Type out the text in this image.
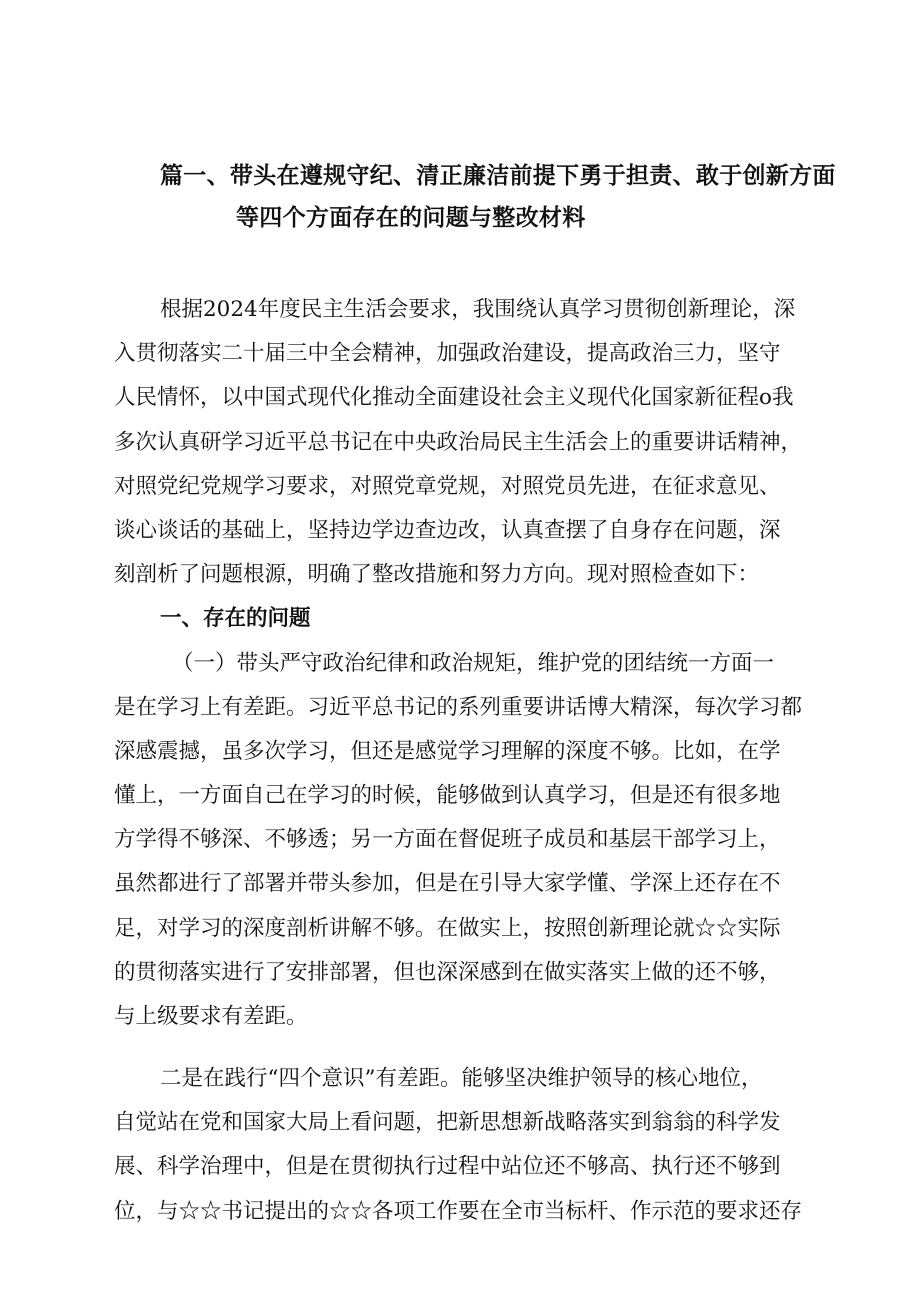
篇一、带头在遵规守纪、清正廉洁前提下勇于担责、敢于创新方面
等四个方面存在的问题与整改材料
根据2024年度民主生活会要求，我围绕认真学习贯彻创新理论，深
入贯彻落实二十届三中全会精神，加强政治建设，提高政治三力，坚守
人民情怀，以中国式现代化推动全面建设社会主义现代化国家新征程o我
多次认真研学习近平总书记在中央政治局民主生活会上的重要讲话精神，
对照党纪党规学习要求，对照党章党规，对照党员先进，在征求意见、
谈心谈话的基础上，坚持边学边查边改，认真查摆了自身存在问题，深
刻剖析了问题根源，明确了整改措施和努力方向。现对照检查如下：
一、存在的问题
（一）带头严守政治纪律和政治规矩，维护党的团结统一方面一
是在学习上有差距。习近平总书记的系列重要讲话博大精深，每次学习都
深感震撼，虽多次学习，但还是感觉学习理解的深度不够。比如，在学
懂上，一方面自己在学习的时候，能够做到认真学习，但是还有很多地
方学得不够深、不够透；另一方面在督促班子成员和基层干部学习上，
虽然都进行了部署并带头参加，但是在引导大家学懂、学深上还存在不
足，对学习的深度剖析讲解不够。在做实上，按照创新理论就☆☆实际
的贯彻落实进行了安排部署，但也深深感到在做实落实上做的还不够，
与上级要求有差距。
二是在践行“四个意识”有差距。能够坚决维护领导的核心地位，
自觉站在党和国家大局上看问题，把新思想新战略落实到翁翁的科学发
展、科学治理中，但是在贯彻执行过程中站位还不够高、执行还不够到
位，与☆☆书记提出的☆☆各项工作要在全市当标杆、作示范的要求还存
